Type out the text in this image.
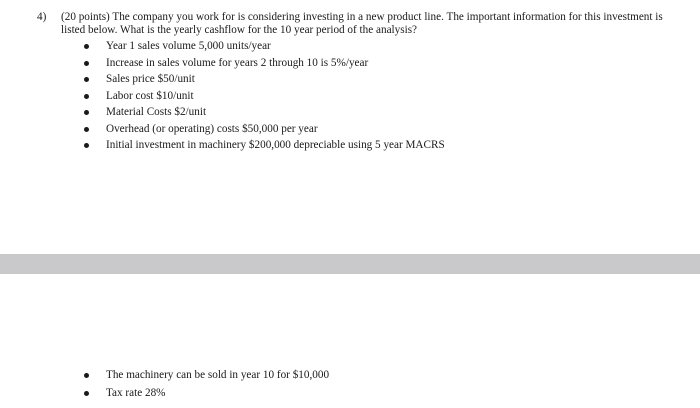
4) (20 points) The company you work for is considering investing in a new product line. The important information for this investment is listed below. What is the yearly cashflow for the 10 year period of the analysis?
Year 1 sales volume 5,000 units/year
Increase in sales volume for years 2 through 10 is 5%/year
Sales price $50/unit
Labor cost $10/unit
Material Costs $2/unit
Overhead (or operating) costs $50,000 per year
Initial investment in machinery $200,000 depreciable using 5 year MACRS
The machinery can be sold in year 10 for $10,000
Tax rate 28%
